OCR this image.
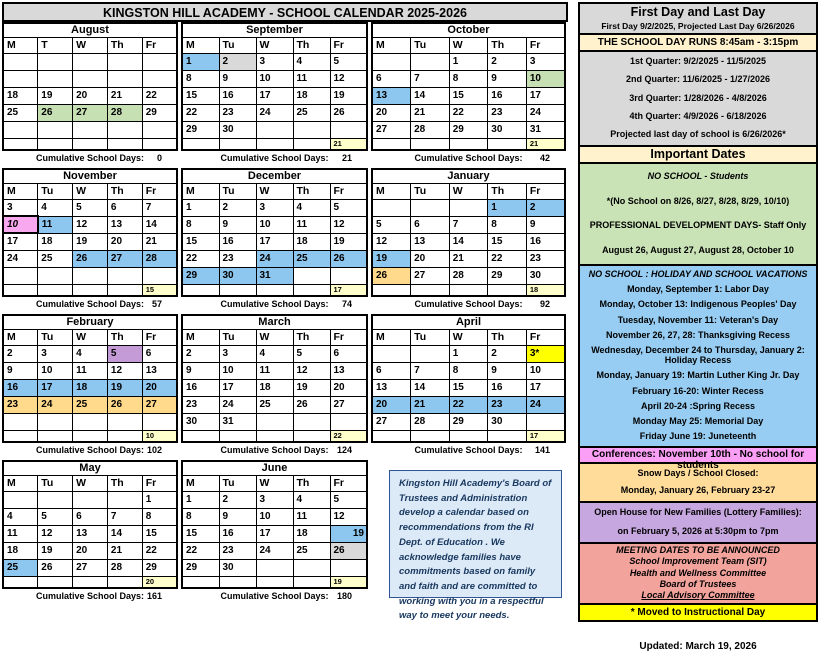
KINGSTON HILL ACADEMY - SCHOOL CALENDAR 2025-2026
August				
M	T	W	Th	Fr

18	19	20	21	22
25	26	27	28	29

Cumulative School Days: 0
September				
M	Tu	W	Th	Fr
1	2	3	4	5
8	9	10	11	12
15	16	17	18	19
22	23	24	25	26
29	30			
				21
Cumulative School Days: 21
October				
M	Tu	W	Th	Fr
		1	2	3
6	7	8	9	10
13	14	15	16	17
20	21	22	23	24
27	28	29	30	31
				21
Cumulative School Days: 42
November				
M	Tu	W	Th	Fr
3	4	5	6	7
10	11	12	13	14
17	18	19	20	21
24	25	26	27	28

				15
Cumulative School Days: 57
December				
M	Tu	W	Th	Fr
1	2	3	4	5
8	9	10	11	12
15	16	17	18	19
22	23	24	25	26
29	30	31		
				17
Cumulative School Days: 74
January				
M	Tu	W	Th	Fr
			1	2
5	6	7	8	9
12	13	14	15	16
19	20	21	22	23
26	27	28	29	30
				18
Cumulative School Days: 92
February				
M	Tu	W	Th	Fr
2	3	4	5	6
9	10	11	12	13
16	17	18	19	20
23	24	25	26	27

				10
Cumulative School Days: 102
March				
M	Tu	W	Th	Fr
2	3	4	5	6
9	10	11	12	13
16	17	18	19	20
23	24	25	26	27
30	31			
				22
Cumulative School Days: 124
April				
M	Tu	W	Th	Fr
		1	2	3*
6	7	8	9	10
13	14	15	16	17
20	21	22	23	24
27	28	29	30	
				17
Cumulative School Days: 141
May				
M	Tu	W	Th	Fr
				1
4	5	6	7	8
11	12	13	14	15
18	19	20	21	22
25	26	27	28	29
				20
Cumulative School Days: 161
June				
M	Tu	W	Th	Fr
1	2	3	4	5
8	9	10	11	12
15	16	17	18	19
22	23	24	25	26
29	30			
				19
Cumulative School Days: 180
Kingston Hill Academy's Board of Trustees and Administration develop a calendar based on recommendations from the RI Dept. of Education . We acknowledge families have commitments based on family and faith and are committed to working with you in a respectful way to meet your needs.
First Day and Last Day
First Day 9/2/2025, Projected Last Day 6/26/2026
THE SCHOOL DAY RUNS 8:45am - 3:15pm
1st Quarter: 9/2/2025 - 11/5/2025
2nd Quarter: 11/6/2025 - 1/27/2026
3rd Quarter: 1/28/2026 - 4/8/2026
4th Quarter: 4/9/2026 - 6/18/2026
Projected last day of school is 6/26/2026*
Important Dates
NO SCHOOL - Students
*(No School on 8/26, 8/27, 8/28, 8/29, 10/10)
PROFESSIONAL DEVELOPMENT DAYS- Staff Only
August 26, August 27, August 28, October 10
NO SCHOOL : HOLIDAY AND SCHOOL VACATIONS
Monday, September 1: Labor Day
Monday, October 13: Indigenous Peoples' Day
Tuesday, November 11: Veteran's Day
November 26, 27, 28: Thanksgiving Recess
Wednesday, December 24 to Thursday, January 2: Holiday Recess
Monday, January 19: Martin Luther King Jr. Day
February 16-20: Winter Recess
April 20-24 :Spring Recess
Monday May 25: Memorial Day
Friday June 19: Juneteenth
Conferences: November 10th - No school for students
Snow Days / School Closed:
Monday, January 26, February 23-27
Open House for New Families (Lottery Families):
on February 5, 2026 at 5:30pm to 7pm
MEETING DATES TO BE ANNOUNCED
School Improvement Team (SIT)
Health and Wellness Committee
Board of Trustees
Local Advisory Committee
* Moved to Instructional Day
Updated: March 19, 2026
